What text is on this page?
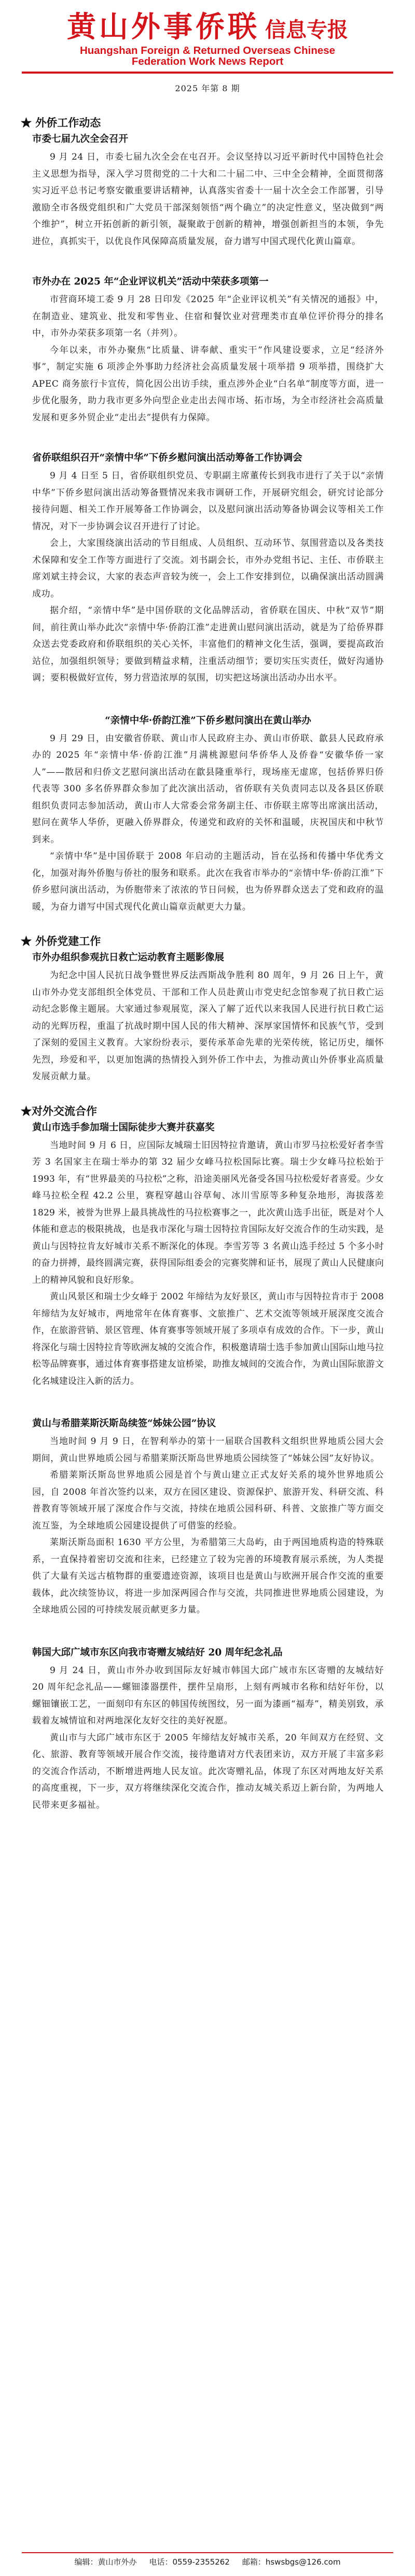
黄山外事侨联 信息专报
Huangshan Foreign & Returned Overseas Chinese
Federation Work News Report
2025 年第 8 期
★ 外侨工作动态
市委七届九次全会召开

9 月 24 日，市委七届九次全会在屯召开。会议坚持以习近平新时代中国特色社会主义思想为指导，深入学习贯彻党的二十大和二十届二中、三中全会精神，全面贯彻落实习近平总书记考察安徽重要讲话精神，认真落实省委十一届十次全会工作部署，引导激励全市各级党组织和广大党员干部深刻领悟“两个确立”的决定性意义，坚决做到“两个维护”，树立开拓创新的新引领，凝聚敢于创新的精神，增强创新担当的本领，争先进位，真抓实干，以优良作风保障高质量发展，奋力谱写中国式现代化黄山篇章。

市外办在 2025 年“企业评议机关”活动中荣获多项第一

市营商环境工委 9 月 28 日印发《2025 年“企业评议机关”有关情况的通报》中，在制造业、建筑业、批发和零售业、住宿和餐饮业对营理类市直单位评价得分的排名中，市外办荣获多项第一名（并列）。

今年以来，市外办聚焦“比质量、讲奉献、重实干”作风建设要求，立足“经济外事”，制定实施 6 项涉企外事助力经济社会高质量发展十项举措 9 项举措，围绕扩大 APEC 商务旅行卡宣传，简化因公出访手续，重点涉外企业“白名单”制度等方面，进一步优化服务，助力我市更多外向型企业走出去闯市场、拓市场，为全市经济社会高质量发展和更多外贸企业“走出去”提供有力保障。

省侨联组织召开“亲情中华”下侨乡慰问演出活动筹备工作协调会

9 月 4 日至 5 日，省侨联组织党员、专职副主席董传长到我市进行了关于以“亲情中华”下侨乡慰问演出活动筹备暨情况来我市调研工作，开展研究组会，研究讨论部分接待问题、相关工作开展筹备工作协调会，以及慰问演出活动筹备协调会议等相关工作情况，对下一步协调会议召开进行了讨论。

会上，大家围绕演出活动的节目组成、人员组织、互动环节、氛围营造以及各类技术保障和安全工作等方面进行了交流。刘书副会长，市外办党组书记、主任、市侨联主席刘斌主持会议，大家的表态声音较为统一，会上工作安排到位，以确保演出活动圆满成功。

据介绍，“亲情中华”是中国侨联的文化品牌活动，省侨联在国庆、中秋“双节”期间，前往黄山举办此次“亲情中华·侨韵江淮”走进黄山慰问演出活动，就是为了给侨界群众送去党委政府和侨联组织的关心关怀，丰富他们的精神文化生活，强调，要提高政治站位，加强组织领导；要做到精益求精，注重活动细节；要切实压实责任，做好沟通协调；要积极做好宣传，努力营造浓厚的氛围，切实把这场演出活动办出水平。

“亲情中华·侨韵江淮”下侨乡慰问演出在黄山举办

9 月 29 日，由安徽省侨联、黄山市人民政府主办、黄山市侨联、歙县人民政府承办的 2025 年“亲情中华·侨韵江淮”月满桃源慰问华侨华人及侨眷“安徽华侨一家人”——散居和归侨文艺慰问演出活动在歙县隆重举行，现场座无虚席，包括侨界归侨代表等 300 多名侨界群众参加了此次演出活动，省侨联有关负责同志以及各县区侨联组织负责同志参加活动，黄山市人大常委会常务副主任、市侨联主席等出席演出活动，慰问在黄华人华侨，更融入侨界群众，传递党和政府的关怀和温暖，庆祝国庆和中秋节到来。

“亲情中华”是中国侨联于 2008 年启动的主题活动，旨在弘扬和传播中华优秀文化，加强对海外侨胞与侨社的服务和联系。此次在我省市举办的“亲情中华·侨韵江淮”下侨乡慰问演出活动，为侨胞带来了浓浓的节日问候，也为侨界群众送去了党和政府的温暖，为奋力谱写中国式现代化黄山篇章贡献更大力量。

★ 外侨党建工作
市外办组织参观抗日救亡运动教育主题影像展

为纪念中国人民抗日战争暨世界反法西斯战争胜利 80 周年，9 月 26 日上午，黄山市外办党支部组织全体党员、干部和工作人员赴黄山市党史纪念馆参观了抗日救亡运动纪念影像主题展。大家通过参观展览，深入了解了近代以来我国人民进行抗日救亡运动的光辉历程，重温了抗战时期中国人民的伟大精神、深厚家国情怀和民族气节，受到了深刻的爱国主义教育。大家纷纷表示，要传承革命先辈的光荣传统，铭记历史，缅怀先烈，珍爱和平，以更加饱满的热情投入到外侨工作中去，为推动黄山外侨事业高质量发展贡献力量。

★对外交流合作
黄山市选手参加瑞士国际徒步大赛并获嘉奖

当地时间 9 月 6 日，应国际友城瑞士旧因特拉肯邀请，黄山市罗马拉松爱好者李雪芳 3 名国家主在瑞士举办的第 32 届少女峰马拉松国际比赛。瑞士少女峰马拉松始于 1993 年，有“世界最美的马拉松”之称，沿途美丽风光备受各国马拉松爱好者喜爱。少女峰马拉松全程 42.2 公里，赛程穿越山谷草甸、冰川雪原等多种复杂地形，海拔落差 1829 米，被誉为世界上最具挑战性的马拉松赛事之一，此次黄山选手出征，既是对个人体能和意志的极限挑战，也是我市深化与瑞士因特拉肯国际友好交流合作的生动实践，是黄山与因特拉肯友好城市关系不断深化的体现。李雪芳等 3 名黄山选手经过 5 个多小时的奋力拼搏，最终圆满完赛，获得国际组委会的完赛奖牌和证书，展现了黄山人民健康向上的精神风貌和良好形象。

黄山风景区和瑞士少女峰于 2002 年缔结为友好景区，黄山市与因特拉肯市于 2008 年缔结为友好城市，两地常年在体育赛事、文旅推广、艺术交流等领域开展深度交流合作，在旅游营销、景区管理、体育赛事等领域开展了多项卓有成效的合作。下一步，黄山将深化与瑞士因特拉肯等欧洲友城的交流合作，积极邀请瑞士选手参加黄山国际山地马拉松等品牌赛事，通过体育赛事搭建友谊桥梁，助推友城间的交流合作，为黄山国际旅游文化名城建设注入新的活力。

黄山与希腊莱斯沃斯岛续签“姊妹公园”协议

当地时间 9 月 9 日，在智利举办的第十一届联合国教科文组织世界地质公园大会期间，黄山世界地质公园与希腊莱斯沃斯岛世界地质公园续签了“姊妹公园”友好协议。

希腊莱斯沃斯岛世界地质公园是首个与黄山建立正式友好关系的境外世界地质公园，自 2008 年首次签约以来，双方在园区建设、资源保护、旅游开发、科研交流、科普教育等领域开展了深度合作与交流，持续在地质公园科研、科普、文旅推广等方面交流互鉴，为全球地质公园建设提供了可借鉴的经验。

莱斯沃斯岛面积 1630 平方公里，为希腊第三大岛屿，由于两国地质构造的特殊联系，一直保持着密切交流和往来，已经建立了较为完善的环境教育展示系统，为人类提供了大量有关远古植物群的重要遗迹资源，该项目也是黄山与欧洲开展合作交流的重要载体，此次续签协议，将进一步加深两园合作与交流，共同推进世界地质公园建设，为全球地质公园的可持续发展贡献更多力量。

韩国大邱广域市东区向我市寄赠友城结好 20 周年纪念礼品

9 月 24 日，黄山市外办收到国际友好城市韩国大邱广域市东区寄赠的友城结好 20 周年纪念礼品——螺钿漆器摆件，摆件呈扇形，上刻有两城市名称和结好年份，以螺钿镶嵌工艺，一面刻印有东区的韩国传统图纹，另一面为漆画“福寿”，精美别致，承载着友城情谊和对两地深化友好交往的美好祝愿。

黄山市与大邱广域市东区于 2005 年缔结友好城市关系，20 年间双方在经贸、文化、旅游、教育等领域开展合作交流，接待邀请对方代表团来访，双方开展了丰富多彩的交流合作活动，不断增进两地人民友谊。此次寄赠礼品，体现了东区对两地友好关系的高度重视，下一步，双方将继续深化交流合作，推动友城关系迈上新台阶，为两地人民带来更多福祉。

编辑：黄山市外办 电话：0559-2355262 邮箱：hswsbgs@126.com
